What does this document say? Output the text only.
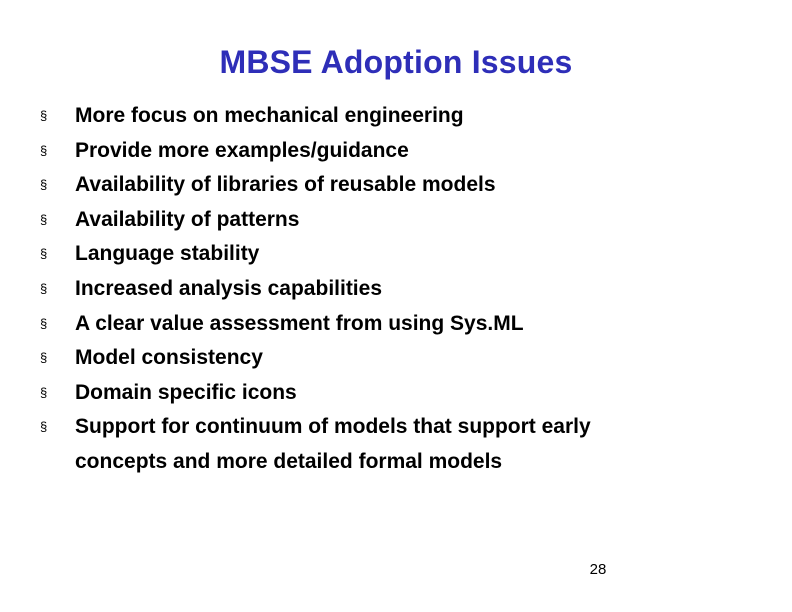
MBSE Adoption Issues
§	More focus on mechanical engineering
§	Provide more examples/guidance
§	Availability of libraries of reusable models
§	Availability of patterns
§	Language stability
§	Increased analysis capabilities
§	A clear value assessment from using Sys.ML
§	Model consistency
§	Domain specific icons
§	Support for continuum of models that support early concepts and more detailed formal models
28
